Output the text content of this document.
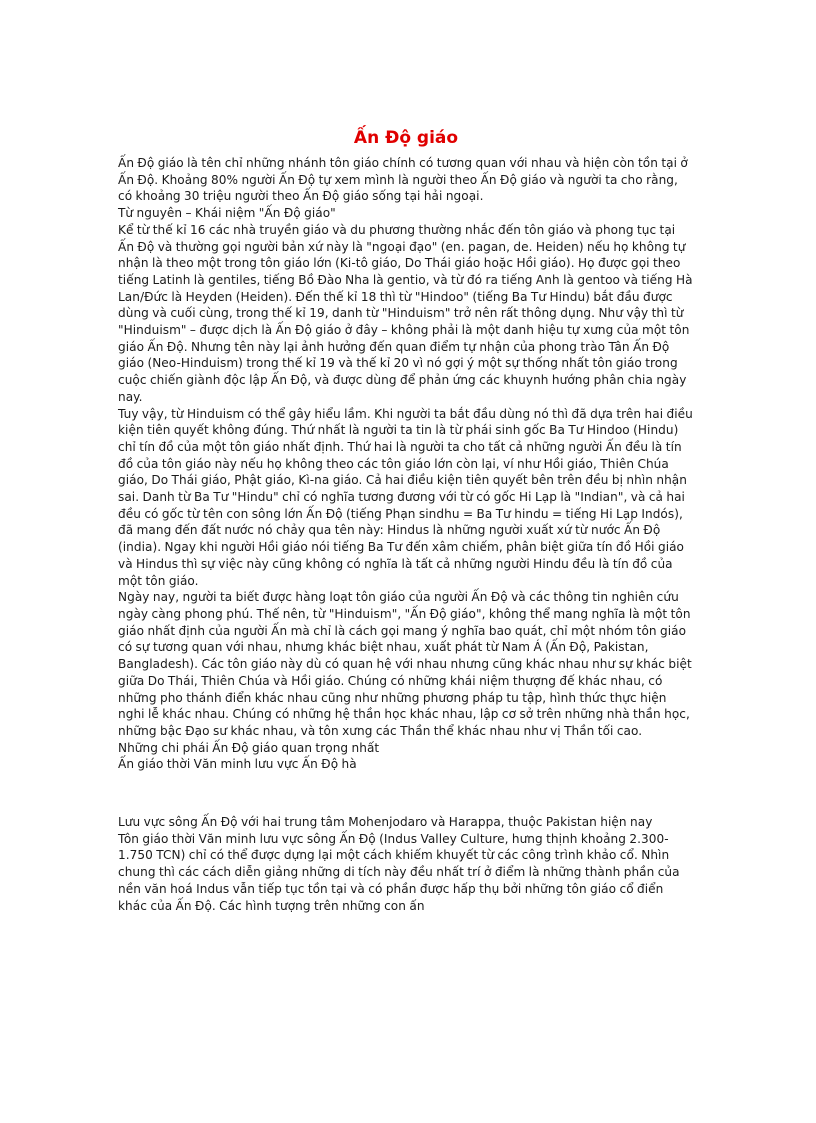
Ấn Độ giáo

Ấn Độ giáo là tên chỉ những nhánh tôn giáo chính có tương quan với nhau và hiện còn tồn tại ở Ấn Độ. Khoảng 80% người Ấn Độ tự xem mình là người theo Ấn Độ giáo và người ta cho rằng, có khoảng 30 triệu người theo Ấn Độ giáo sống tại hải ngoại.

Từ nguyên – Khái niệm "Ấn Độ giáo"

Kể từ thế kỉ 16 các nhà truyền giáo và du phương thường nhắc đến tôn giáo và phong tục tại Ấn Độ và thường gọi người bản xứ này là "ngoại đạo" (en. pagan, de. Heiden) nếu họ không tự nhận là theo một trong tôn giáo lớn (Ki-tô giáo, Do Thái giáo hoặc Hồi giáo). Họ được gọi theo tiếng Latinh là gentiles, tiếng Bồ Đào Nha là gentio, và từ đó ra tiếng Anh là gentoo và tiếng Hà Lan/Đức là Heyden (Heiden). Đến thế kỉ 18 thì từ "Hindoo" (tiếng Ba Tư Hindu) bắt đầu được dùng và cuối cùng, trong thế kỉ 19, danh từ "Hinduism" trở nên rất thông dụng. Như vậy thì từ "Hinduism" – được dịch là Ấn Độ giáo ở đây – không phải là một danh hiệu tự xưng của một tôn giáo Ấn Độ. Nhưng tên này lại ảnh hưởng đến quan điểm tự nhận của phong trào Tân Ấn Độ giáo (Neo-Hinduism) trong thế kỉ 19 và thế kỉ 20 vì nó gợi ý một sự thống nhất tôn giáo trong cuộc chiến giành độc lập Ấn Độ, và được dùng để phản ứng các khuynh hướng phân chia ngày nay.

Tuy vậy, từ Hinduism có thể gây hiểu lầm. Khi người ta bắt đầu dùng nó thì đã dựa trên hai điều kiện tiên quyết không đúng. Thứ nhất là người ta tin là từ phái sinh gốc Ba Tư Hindoo (Hindu) chỉ tín đồ của một tôn giáo nhất định. Thứ hai là người ta cho tất cả những người Ấn đều là tín đồ của tôn giáo này nếu họ không theo các tôn giáo lớn còn lại, ví như Hồi giáo, Thiên Chúa giáo, Do Thái giáo, Phật giáo, Kì-na giáo. Cả hai điều kiện tiên quyết bên trên đều bị nhìn nhận sai. Danh từ Ba Tư "Hindu" chỉ có nghĩa tương đương với từ có gốc Hi Lạp là "Indian", và cả hai đều có gốc từ tên con sông lớn Ấn Độ (tiếng Phạn sindhu = Ba Tư hindu = tiếng Hi Lạp Indós), đã mang đến đất nước nó chảy qua tên này: Hindus là những người xuất xứ từ nước Ấn Độ (india). Ngay khi người Hồi giáo nói tiếng Ba Tư đến xâm chiếm, phân biệt giữa tín đồ Hồi giáo và Hindus thì sự việc này cũng không có nghĩa là tất cả những người Hindu đều là tín đồ của một tôn giáo.

Ngày nay, người ta biết được hàng loạt tôn giáo của người Ấn Độ và các thông tin nghiên cứu ngày càng phong phú. Thế nên, từ "Hinduism", "Ấn Độ giáo", không thể mang nghĩa là một tôn giáo nhất định của người Ấn mà chỉ là cách gọi mang ý nghĩa bao quát, chỉ một nhóm tôn giáo có sự tương quan với nhau, nhưng khác biệt nhau, xuất phát từ Nam Á (Ấn Độ, Pakistan, Bangladesh). Các tôn giáo này dù có quan hệ với nhau nhưng cũng khác nhau như sự khác biệt giữa Do Thái, Thiên Chúa và Hồi giáo. Chúng có những khái niệm thượng đế khác nhau, có những pho thánh điển khác nhau cũng như những phương pháp tu tập, hình thức thực hiện nghi lễ khác nhau. Chúng có những hệ thần học khác nhau, lập cơ sở trên những nhà thần học, những bậc Đạo sư khác nhau, và tôn xưng các Thần thể khác nhau như vị Thần tối cao.

Những chi phái Ấn Độ giáo quan trọng nhất

Ấn giáo thời Văn minh lưu vực Ấn Độ hà

Lưu vực sông Ấn Độ với hai trung tâm Mohenjodaro và Harappa, thuộc Pakistan hiện nay

Tôn giáo thời Văn minh lưu vực sông Ấn Độ (Indus Valley Culture, hưng thịnh khoảng 2.300-1.750 TCN) chỉ có thể được dựng lại một cách khiếm khuyết từ các công trình khảo cổ. Nhìn chung thì các cách diễn giảng những di tích này đều nhất trí ở điểm là những thành phần của nền văn hoá Indus vẫn tiếp tục tồn tại và có phần được hấp thụ bởi những tôn giáo cổ điển khác của Ấn Độ. Các hình tượng trên những con ấn
